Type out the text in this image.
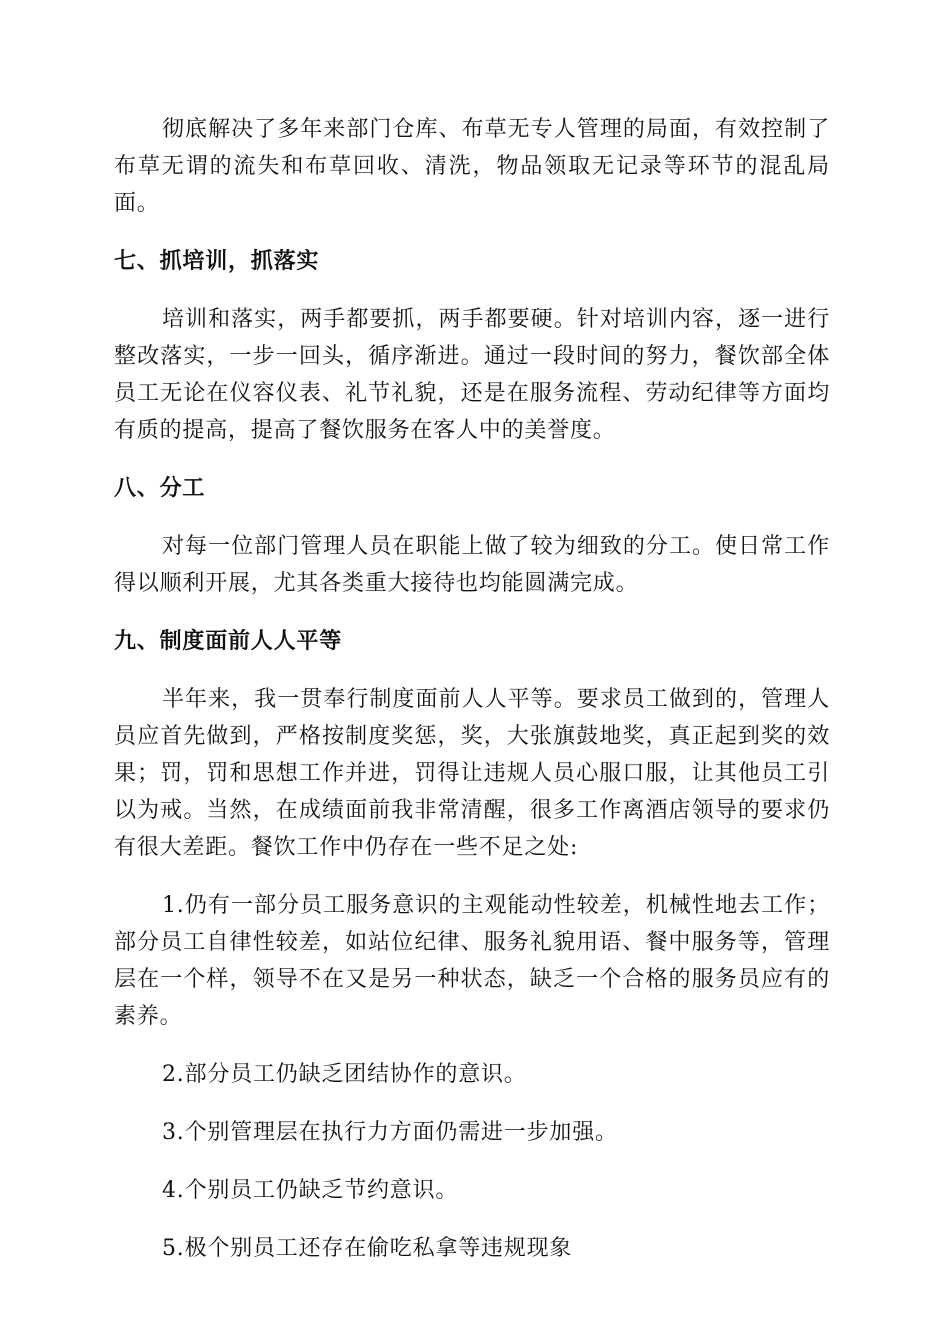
彻底解决了多年来部门仓库、布草无专人管理的局面，有效控制了布草无谓的流失和布草回收、清洗，物品领取无记录等环节的混乱局面。

七、抓培训，抓落实

培训和落实，两手都要抓，两手都要硬。针对培训内容，逐一进行整改落实，一步一回头，循序渐进。通过一段时间的努力，餐饮部全体员工无论在仪容仪表、礼节礼貌，还是在服务流程、劳动纪律等方面均有质的提高，提高了餐饮服务在客人中的美誉度。

八、分工

对每一位部门管理人员在职能上做了较为细致的分工。使日常工作得以顺利开展，尤其各类重大接待也均能圆满完成。

九、制度面前人人平等

半年来，我一贯奉行制度面前人人平等。要求员工做到的，管理人员应首先做到，严格按制度奖惩，奖，大张旗鼓地奖，真正起到奖的效果；罚，罚和思想工作并进，罚得让违规人员心服口服，让其他员工引以为戒。当然，在成绩面前我非常清醒，很多工作离酒店领导的要求仍有很大差距。餐饮工作中仍存在一些不足之处:

1.仍有一部分员工服务意识的主观能动性较差，机械性地去工作；部分员工自律性较差，如站位纪律、服务礼貌用语、餐中服务等，管理层在一个样，领导不在又是另一种状态，缺乏一个合格的服务员应有的素养。

2.部分员工仍缺乏团结协作的意识。

3.个别管理层在执行力方面仍需进一步加强。

4.个别员工仍缺乏节约意识。

5.极个别员工还存在偷吃私拿等违规现象
